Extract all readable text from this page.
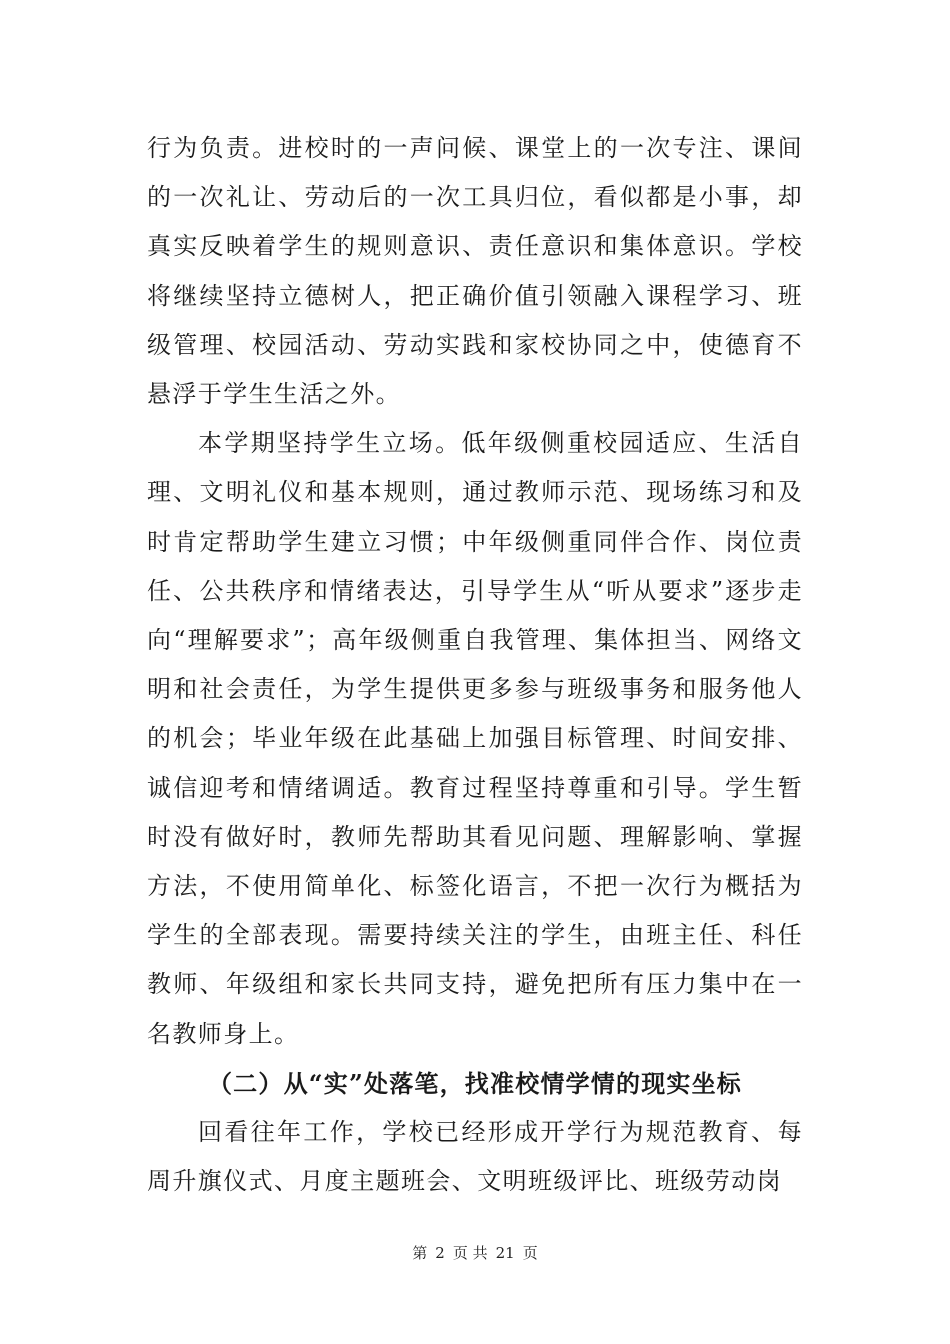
行为负责。进校时的一声问候、课堂上的一次专注、课间的一次礼让、劳动后的一次工具归位，看似都是小事，却真实反映着学生的规则意识、责任意识和集体意识。学校将继续坚持立德树人，把正确价值引领融入课程学习、班级管理、校园活动、劳动实践和家校协同之中，使德育不悬浮于学生生活之外。

本学期坚持学生立场。低年级侧重校园适应、生活自理、文明礼仪和基本规则，通过教师示范、现场练习和及时肯定帮助学生建立习惯；中年级侧重同伴合作、岗位责任、公共秩序和情绪表达，引导学生从“听从要求”逐步走向“理解要求”；高年级侧重自我管理、集体担当、网络文明和社会责任，为学生提供更多参与班级事务和服务他人的机会；毕业年级在此基础上加强目标管理、时间安排、诚信迎考和情绪调适。教育过程坚持尊重和引导。学生暂时没有做好时，教师先帮助其看见问题、理解影响、掌握方法，不使用简单化、标签化语言，不把一次行为概括为学生的全部表现。需要持续关注的学生，由班主任、科任教师、年级组和家长共同支持，避免把所有压力集中在一名教师身上。

（二）从“实”处落笔，找准校情学情的现实坐标

回看往年工作，学校已经形成开学行为规范教育、每周升旗仪式、月度主题班会、文明班级评比、班级劳动岗

第 2 页 共 21 页
